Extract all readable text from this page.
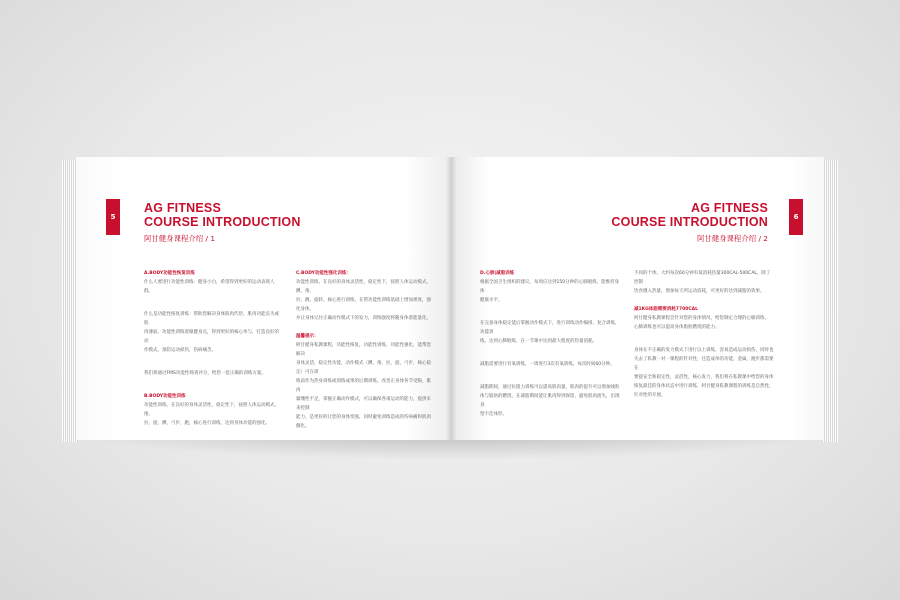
5
AG FITNESS
COURSE INTRODUCTION
阿甘健身课程介绍 / 1

A.BODY功能性恢复训练

什么人要进行功能性训练：健身小白，希望得到更好的运动表现人群。

什么是功能性恢复训练：帮助您解决身体肌肉代偿，肌肉功能丧失或肌

肉薄弱，功能性训练着眼健身点，得到更好的核心单与，打造良好的动

作模式，预防运动损伤，伤病痛苦。

我们将通过FMS功能性筛查评分，给您一套正确的训练方案。

B.BODY功能性训练

功能性训练，在良好的身体灵活性，稳定性下，按照人体运动模式，推，

拉，旋，蹲，弓步，跑，核心进行训练，达到身体功能的强化。

C.BODY功能性强化训练：

功能性训练，在良好的身体灵活性，稳定性下，按照人体运动模式，蹲，推，

拉，跳，旋转，核心进行训练，在帮功能性训练基础上增加难度，强化身体，

并让身体记住正确动作模式下的发力，训练强度将随身体着能量化。

温馨提示：

阿甘健身私教课程，功能性恢复，功能性训练，功能性强化，能帮您解决

身体灵活，稳定性功能，动作模式（蹲，推，拉，旋，弓步，核心稳定）可在训

练前作为热身训练或训练成果的后期训练，改善正身体各节受限，肌肉

紧绷性不足，掌握正确动作模式，可以确保各项运动的能力，提供未来控制

能力，是更好的让您的身体变强，同时避免训练造成的伤病痛和肌肉僵化。

6
AG FITNESS
COURSE INTRODUCTION
阿甘健身课程介绍 / 2

D.心肺|减脂训练

根据全国卫生组织的建议，每周应达到150分钟的心肺锻炼，能维持身体

健康水平。

在完备身体稳定能后掌握动作模式下，进行训练动作编排，复合训练，功能训

练，达到心肺锻炼，在一节课中达到最大程度的热量消耗。

减脂需要进行有氧训练，一周进行3次有氧训练，每次时间60分钟。

减脂期间，通过抗阻力训练可以提高肌肉量，肌肉的提升可以增加线粒

体与脂肪的燃烧，在减脂期间能让肌肉得到保留，避免肌肉流失，出现身

型不佳体形。

不同的个体，大约每次60分钟有氧消耗热量300CAL-500CAL，除了控制

饮食摄入热量，增加每天所运动消耗，可更好的达到减脂的效果。

减1KG体脂需要消耗7700CAL

阿甘健身私教课程会针对您的身体情况，给您制定合理的心肺训练，

心肺训练也可以提高身体脂肪燃烧的能力。

身体在不正确的发力模式下进行以上训练，容易造成运动损伤，同时也

失去了私教一对一课程的针对性，还造成单的功能，金属，跑步都需要在

要提安全和稳定性，灵活性，核心发力，我们将在私教课中给您的身体

恢复最佳的身体状态中进行训练，阿甘健身私教课程的训练是自然性，

针对性的开展。
